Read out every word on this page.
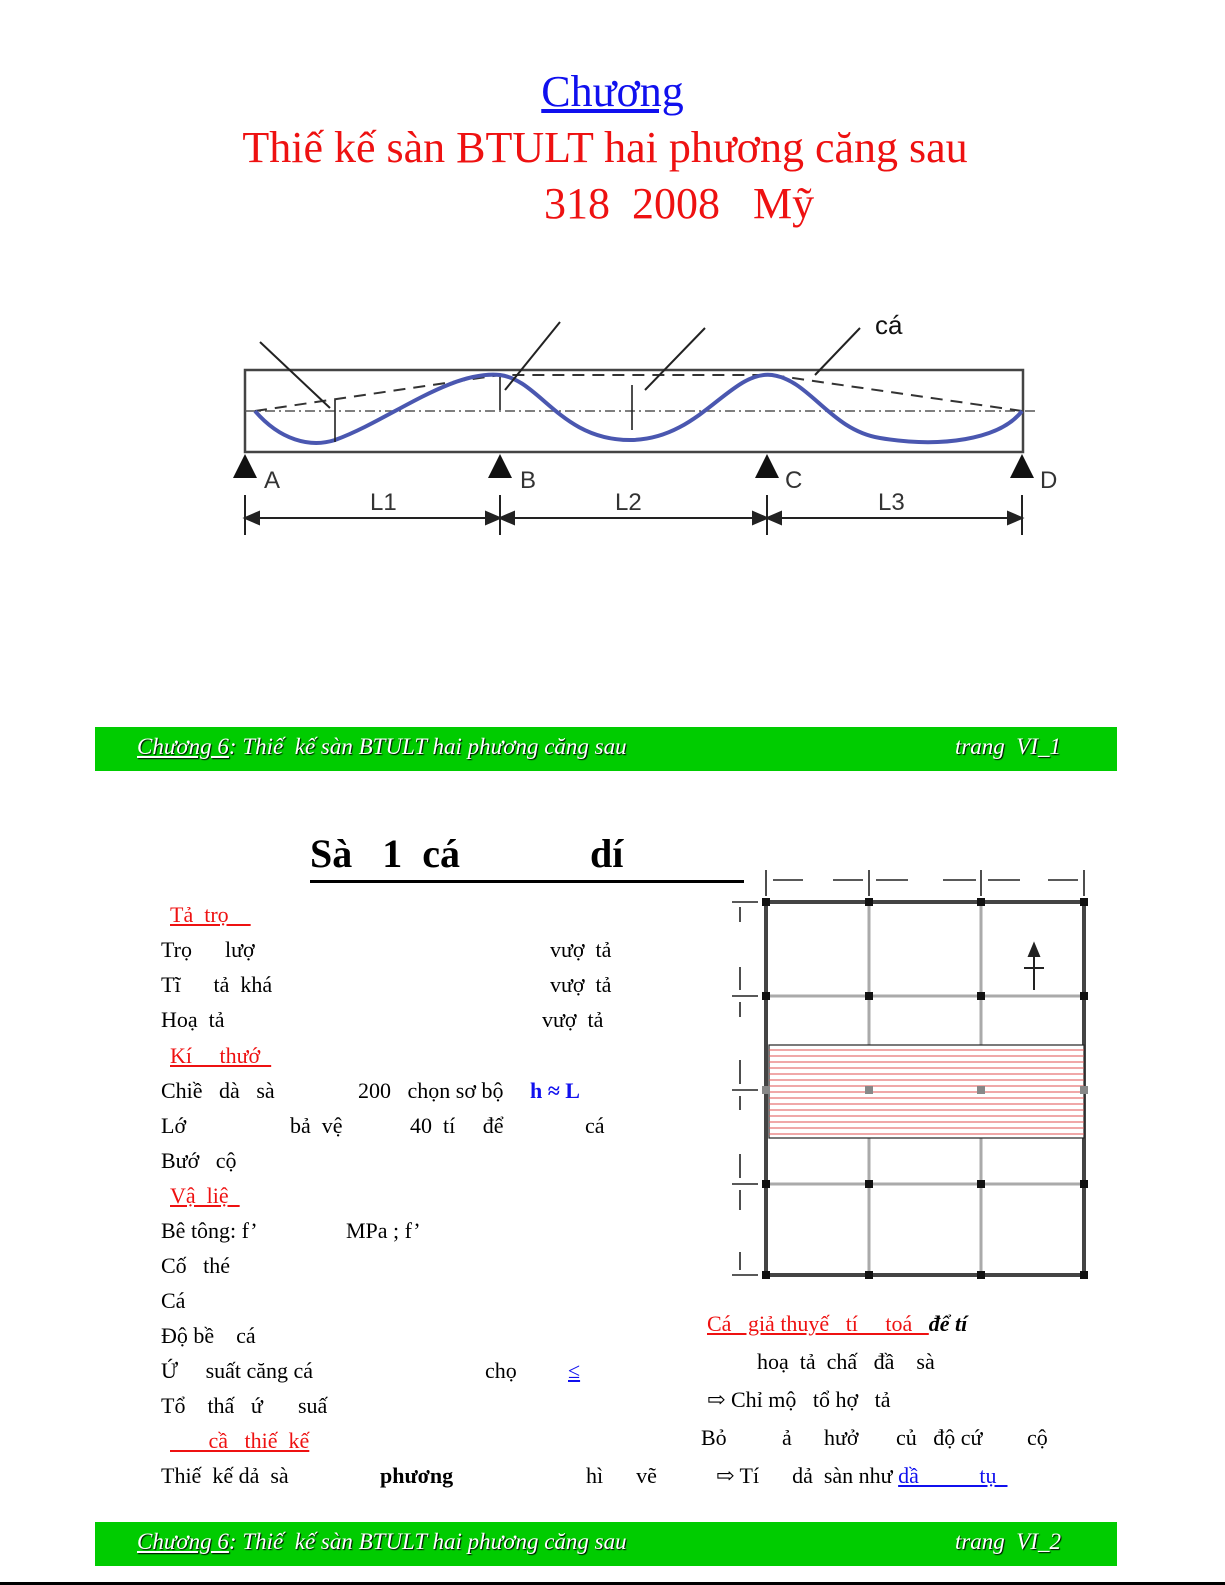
Chương
Thiế kế sàn BTULT hai phương căng sau
318  2008   Mỹ
cá
A	B	C	D
L1	L2	L3
Chương 6: Thiế  kế sàn BTULT hai phương căng sau	trang  VI_1
Sà   1  cá             dí
Tả  trọ
Trọ      lượ	vượ  tả
Tĩ      tả  khá	vượ  tả
Hoạ  tả	vượ  tả
Kí     thướ
Chiề   dà   sà	200   chọn sơ bộ h ≈ L
Lớ	bả  vệ	40  tí     để	cá
Bướ   cộ
Vậ  liệ
Bê tông: f’	MPa ; f’
Cố   thé
Cá
Độ bề    cá
Ứ     suất căng cá	chọ ≤
Tổ    thấ   ứ suấ
cầ   thiế  kế
Thiế  kế dả  sà	phương	hì      vẽ
Cá   giả thuyế   tí     toá   để tí
hoạ  tả  chấ   đầ    sà
⇨ Chỉ mộ   tổ hợ   tả
Bỏ	ả hưở củ   độ cứ cộ
⇨ Tí      dả  sàn như dầ           tụ
Chương 6: Thiế  kế sàn BTULT hai phương căng sau	trang  VI_2
